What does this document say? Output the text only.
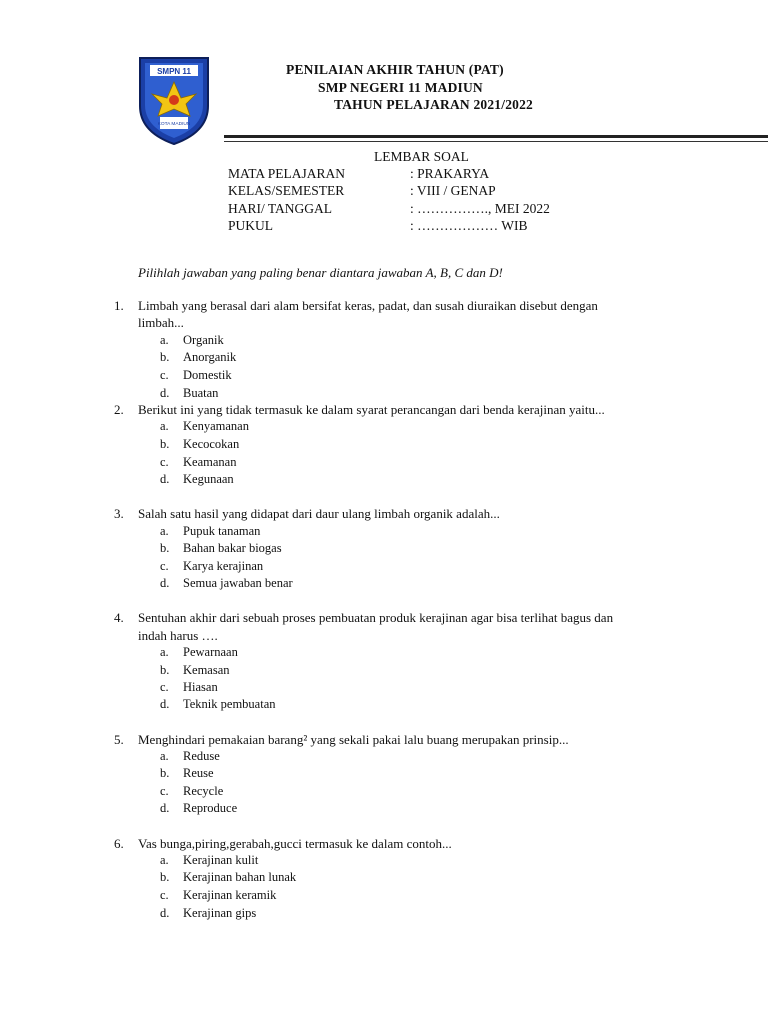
SMPN 11
KOTA MADIUN
PENILAIAN AKHIR TAHUN (PAT)
SMP NEGERI 11 MADIUN
TAHUN PELAJARAN 2021/2022
LEMBAR SOAL
MATA PELAJARAN	: PRAKARYA
KELAS/SEMESTER	: VIII / GENAP
HARI/ TANGGAL	: ……………., MEI 2022
PUKUL	: ……………… WIB
Pilihlah jawaban yang paling benar diantara jawaban A, B, C dan D!
1.	Limbah yang berasal dari alam bersifat keras, padat, dan susah diuraikan disebut dengan
limbah...
a. Organik
b. Anorganik
c. Domestik
d. Buatan
2. Berikut ini yang tidak termasuk ke dalam syarat perancangan dari benda kerajinan yaitu...
a. Kenyamanan
b. Kecocokan
c. Keamanan
d. Kegunaan
3. Salah satu hasil yang didapat dari daur ulang limbah organik adalah...
a. Pupuk tanaman
b. Bahan bakar biogas
c. Karya kerajinan
d. Semua jawaban benar
4. Sentuhan akhir dari sebuah proses pembuatan produk kerajinan agar bisa terlihat bagus dan
indah harus ….
a. Pewarnaan
b. Kemasan
c. Hiasan
d. Teknik pembuatan
5. Menghindari pemakaian barang² yang sekali pakai lalu buang merupakan prinsip...
a. Reduse
b. Reuse
c. Recycle
d. Reproduce
6. Vas bunga,piring,gerabah,gucci termasuk ke dalam contoh...
a. Kerajinan kulit
b. Kerajinan bahan lunak
c. Kerajinan keramik
d. Kerajinan gips
